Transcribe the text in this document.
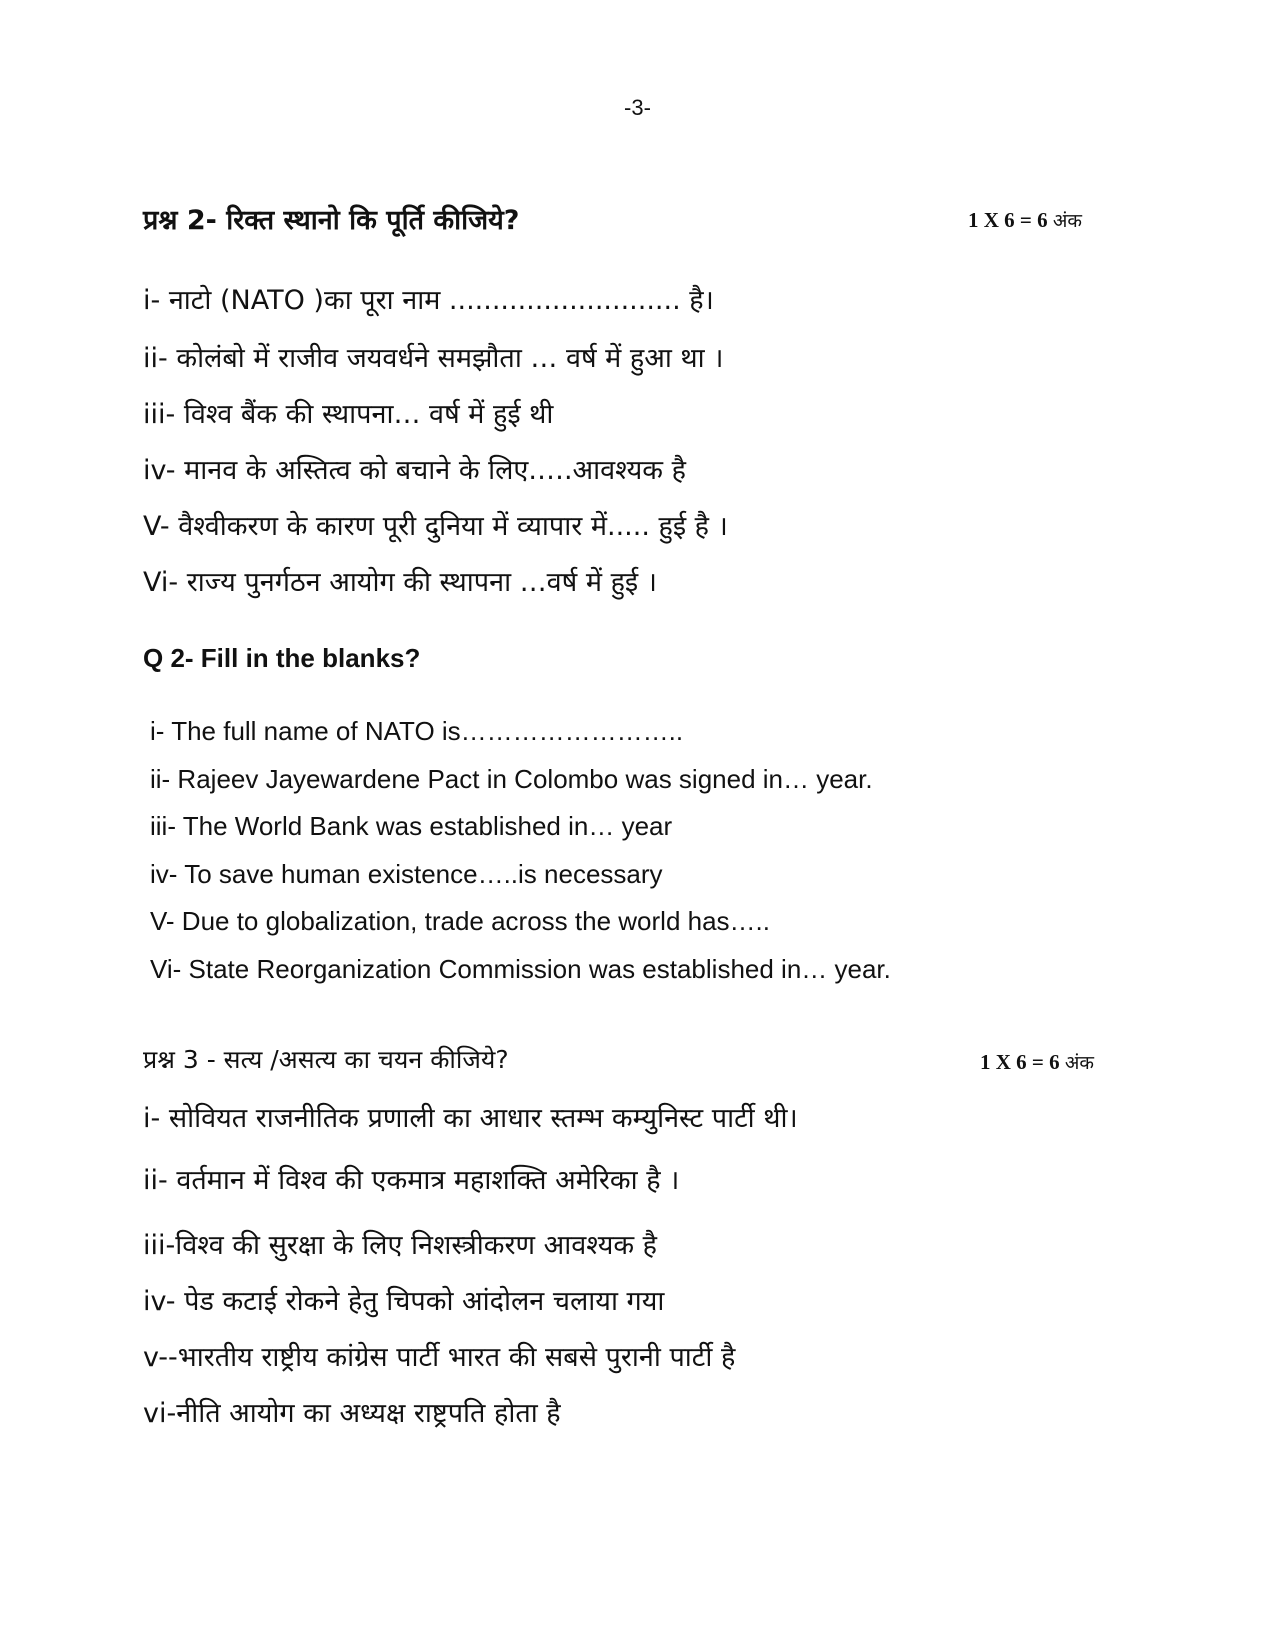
-3-
प्रश्न 2- रिक्त स्थानो कि पूर्ति कीजिये?	1 X 6 = 6 अंक
i- नाटो (NATO )का पूरा नाम ........................... है।
ii- कोलंबो में राजीव जयवर्धने समझौता … वर्ष में हुआ था ।
iii- विश्व बैंक की स्थापना… वर्ष में हुई थी
iv- मानव के अस्तित्व को बचाने के लिए.….आवश्यक है
V- वैश्वीकरण के कारण पूरी दुनिया में व्यापार में..... हुई है ।
Vi- राज्य पुनर्गठन आयोग की स्थापना …वर्ष में हुई ।
Q 2- Fill in the blanks?
i- The full name of NATO is……………………..
ii- Rajeev Jayewardene Pact in Colombo was signed in… year.
iii- The World Bank was established in… year
iv- To save human existence…..is necessary
V- Due to globalization, trade across the world has…..
Vi- State Reorganization Commission was established in… year.
प्रश्न 3 - सत्य /असत्य का चयन कीजिये?	1 X 6 = 6 अंक
i- सोवियत राजनीतिक प्रणाली का आधार स्तम्भ कम्युनिस्ट पार्टी थी।
ii- वर्तमान में विश्व की एकमात्र महाशक्ति अमेरिका है ।
iii-विश्व की सुरक्षा के लिए निशस्त्रीकरण आवश्यक है
iv- पेड कटाई रोकने हेतु चिपको आंदोलन चलाया गया
v--भारतीय राष्ट्रीय कांग्रेस पार्टी भारत की सबसे पुरानी पार्टी है
vi-नीति आयोग का अध्यक्ष राष्ट्रपति होता है
